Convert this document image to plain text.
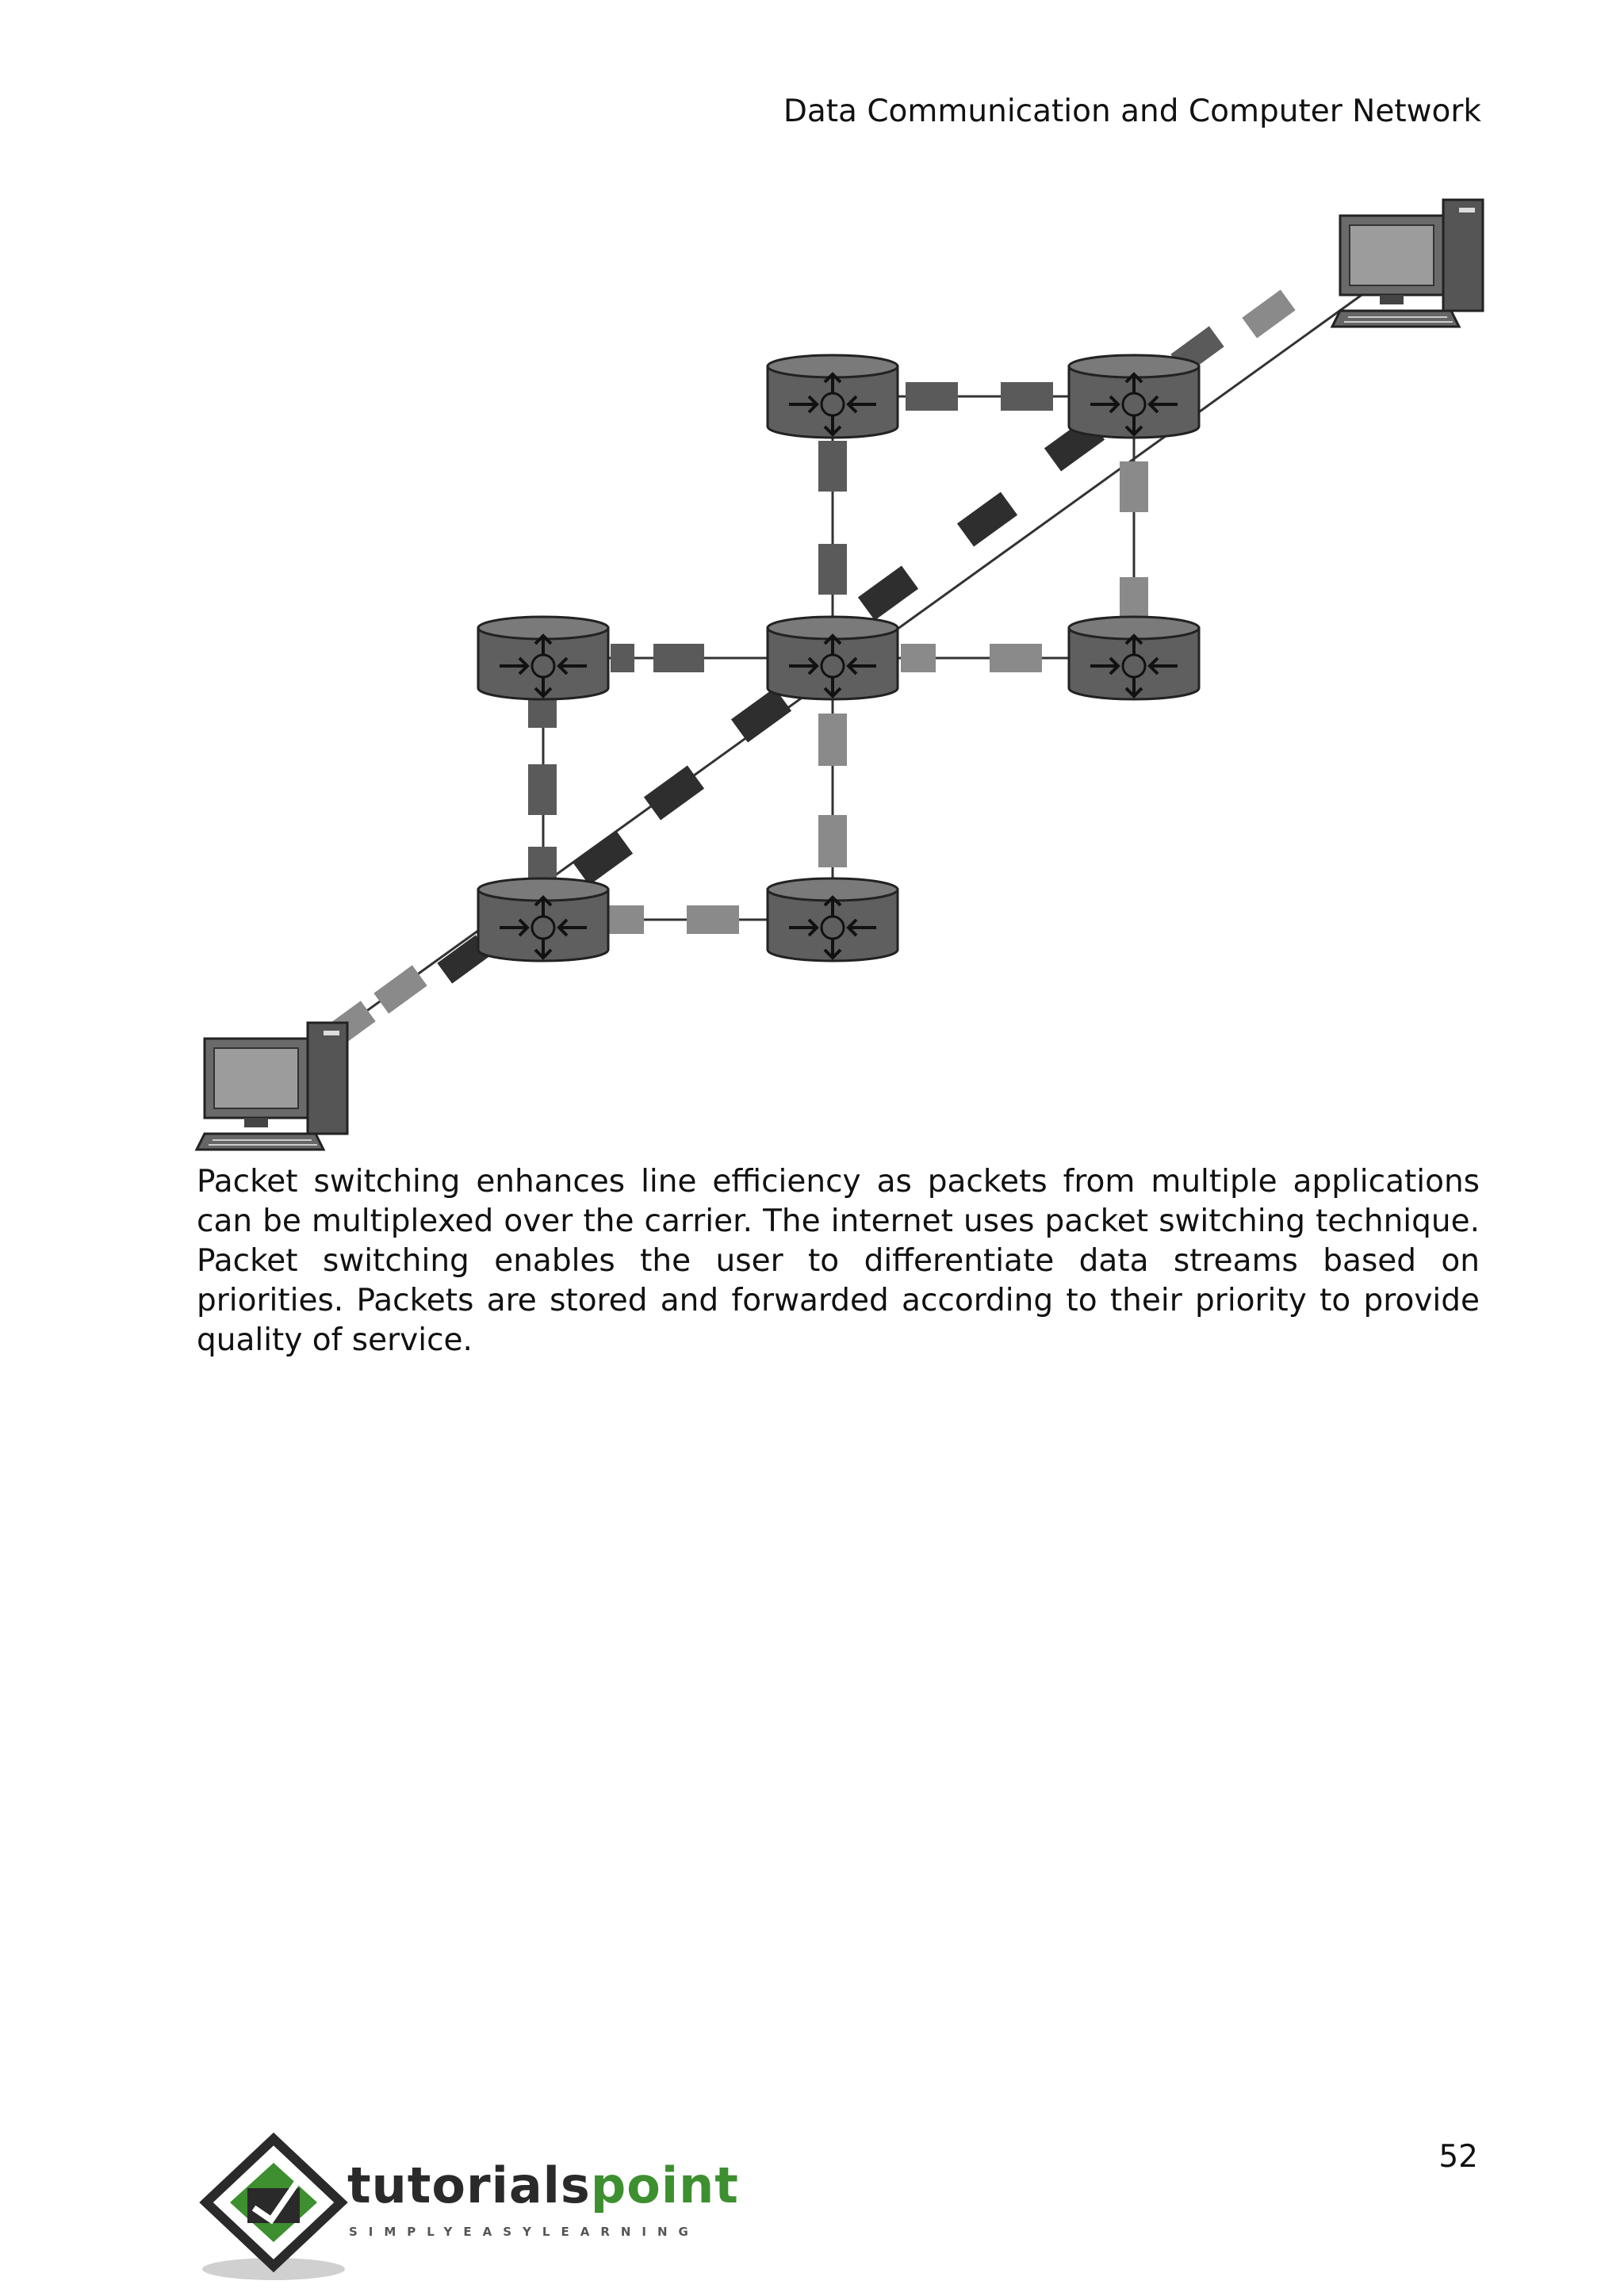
Data Communication and Computer Network
Packet switching enhances line efficiency as packets from multiple applications can be multiplexed over the carrier. The internet uses packet switching technique. Packet switching enables the user to differentiate data streams based on priorities. Packets are stored and forwarded according to their priority to provide quality of service.
tutorialspoint
SIMPLYEASYLEARNING
52
